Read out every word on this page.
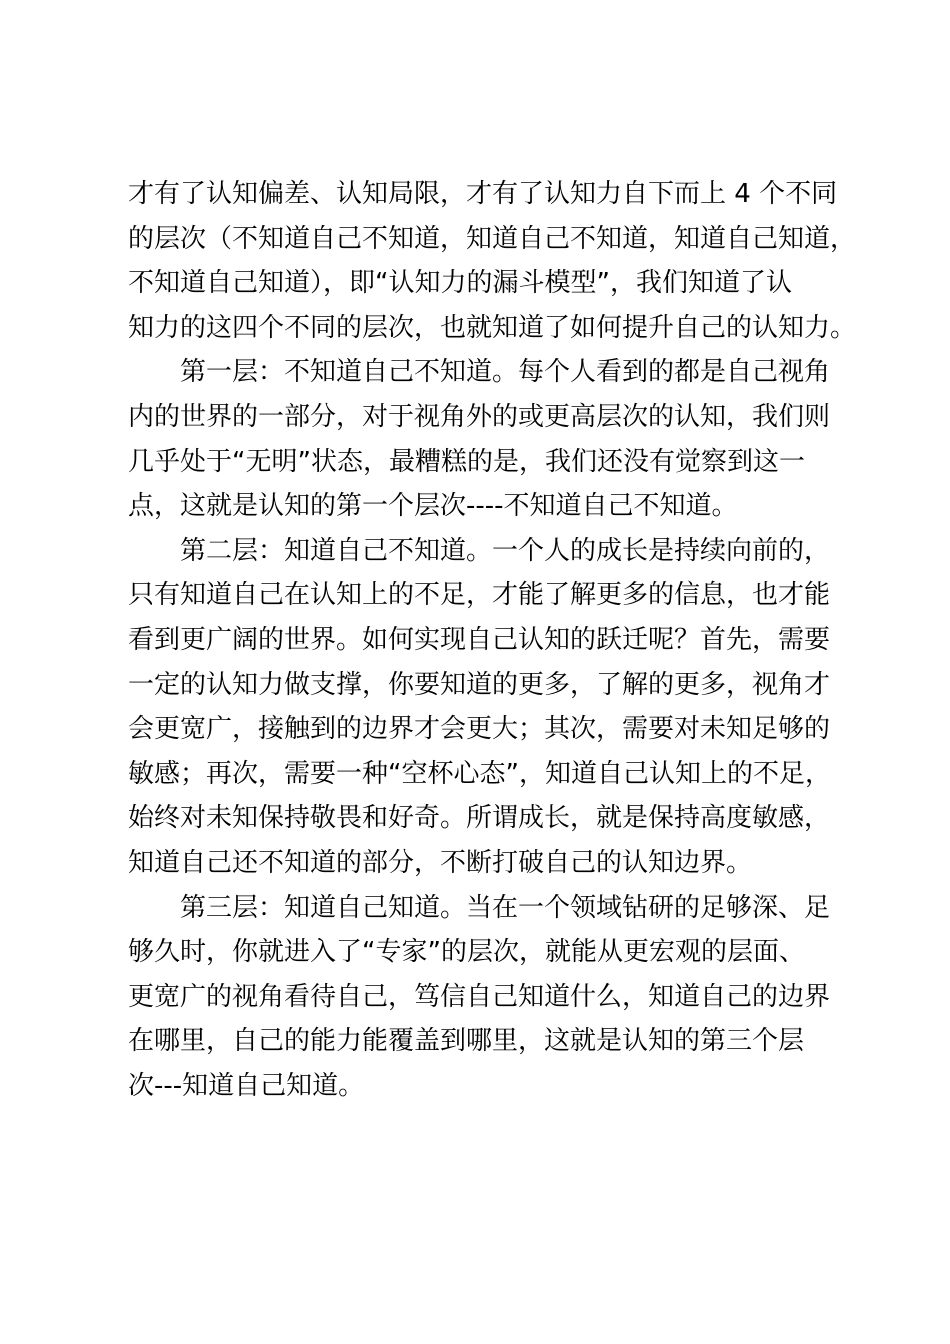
才有了认知偏差、认知局限，才有了认知力自下而上 4 个不同
的层次（不知道自己不知道，知道自己不知道，知道自己知道，
不知道自己知道），即“认知力的漏斗模型”，我们知道了认
知力的这四个不同的层次，也就知道了如何提升自己的认知力。
第一层：不知道自己不知道。每个人看到的都是自己视角
内的世界的一部分，对于视角外的或更高层次的认知，我们则
几乎处于“无明”状态，最糟糕的是，我们还没有觉察到这一
点，这就是认知的第一个层次----不知道自己不知道。
第二层：知道自己不知道。一个人的成长是持续向前的，
只有知道自己在认知上的不足，才能了解更多的信息，也才能
看到更广阔的世界。如何实现自己认知的跃迁呢？首先，需要
一定的认知力做支撑，你要知道的更多，了解的更多，视角才
会更宽广，接触到的边界才会更大；其次，需要对未知足够的
敏感；再次，需要一种“空杯心态”，知道自己认知上的不足，
始终对未知保持敬畏和好奇。所谓成长，就是保持高度敏感，
知道自己还不知道的部分，不断打破自己的认知边界。
第三层：知道自己知道。当在一个领域钻研的足够深、足
够久时，你就进入了“专家”的层次，就能从更宏观的层面、
更宽广的视角看待自己，笃信自己知道什么，知道自己的边界
在哪里，自己的能力能覆盖到哪里，这就是认知的第三个层
次---知道自己知道。
